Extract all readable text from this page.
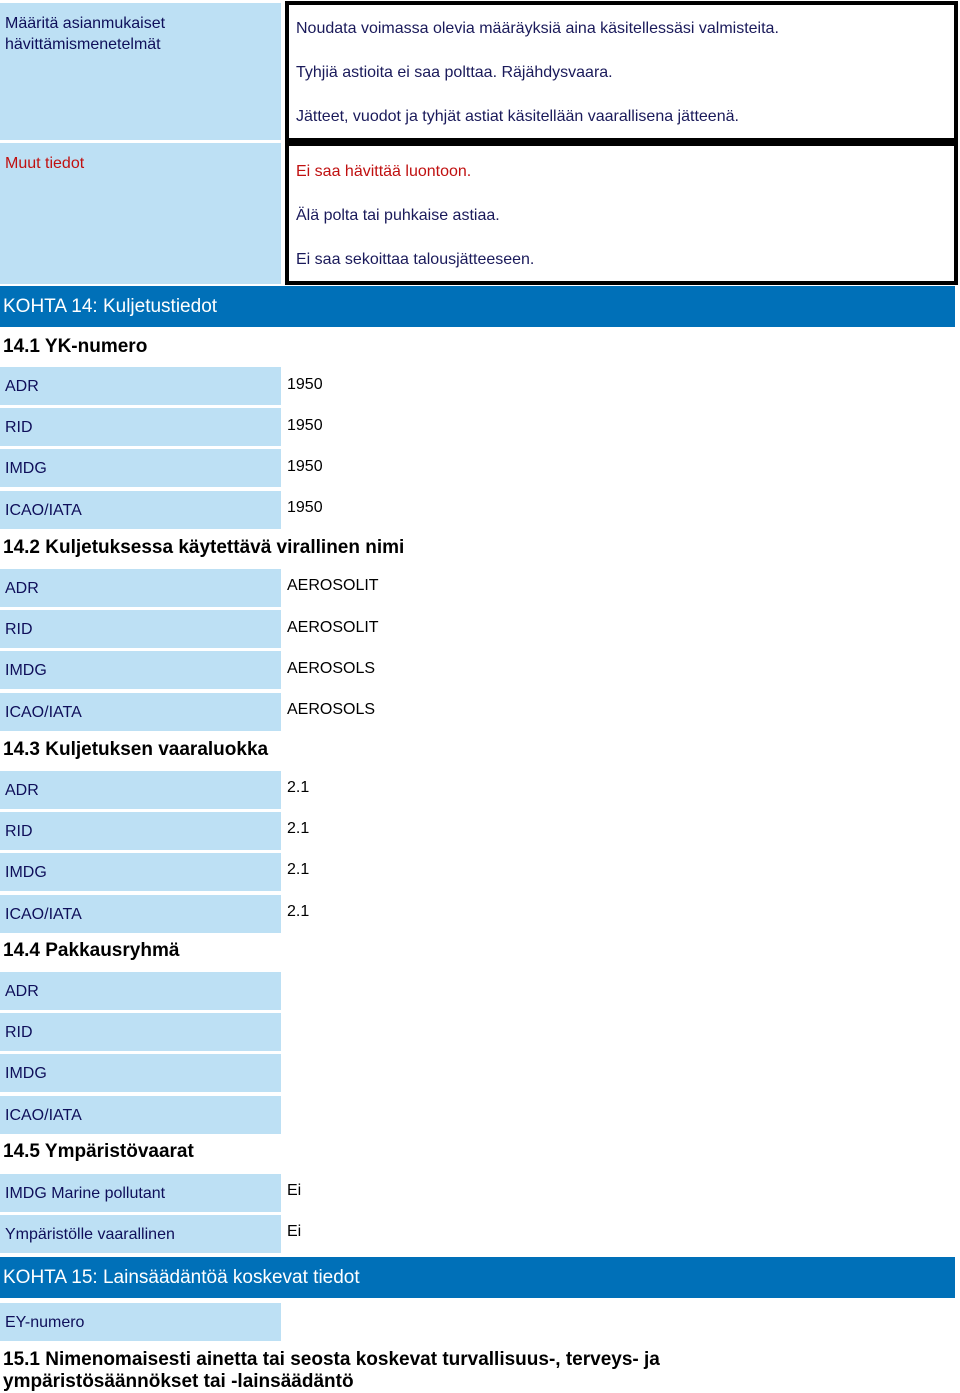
Määritä asianmukaiset hävittämismenetelmät
Noudata voimassa olevia määräyksiä aina käsitellessäsi valmisteita.
Tyhjiä astioita ei saa polttaa. Räjähdysvaara.
Jätteet, vuodot ja tyhjät astiat käsitellään vaarallisena jätteenä.
Muut tiedot	Ei saa hävittää luontoon.
Älä polta tai puhkaise astiaa.
Ei saa sekoittaa talousjätteeseen.
KOHTA 14: Kuljetustiedot
14.1 YK-numero
ADR	1950
RID	1950
IMDG	1950
ICAO/IATA	1950
14.2 Kuljetuksessa käytettävä virallinen nimi
ADR	AEROSOLIT
RID	AEROSOLIT
IMDG	AEROSOLS
ICAO/IATA	AEROSOLS
14.3 Kuljetuksen vaaraluokka
ADR	2.1
RID	2.1
IMDG	2.1
ICAO/IATA	2.1
14.4 Pakkausryhmä
ADR
RID
IMDG
ICAO/IATA
14.5 Ympäristövaarat
IMDG Marine pollutant	Ei
Ympäristölle vaarallinen	Ei
KOHTA 15: Lainsäädäntöä koskevat tiedot
EY-numero
15.1 Nimenomaisesti ainetta tai seosta koskevat turvallisuus-, terveys- ja
ympäristösäännökset tai -lainsäädäntö
